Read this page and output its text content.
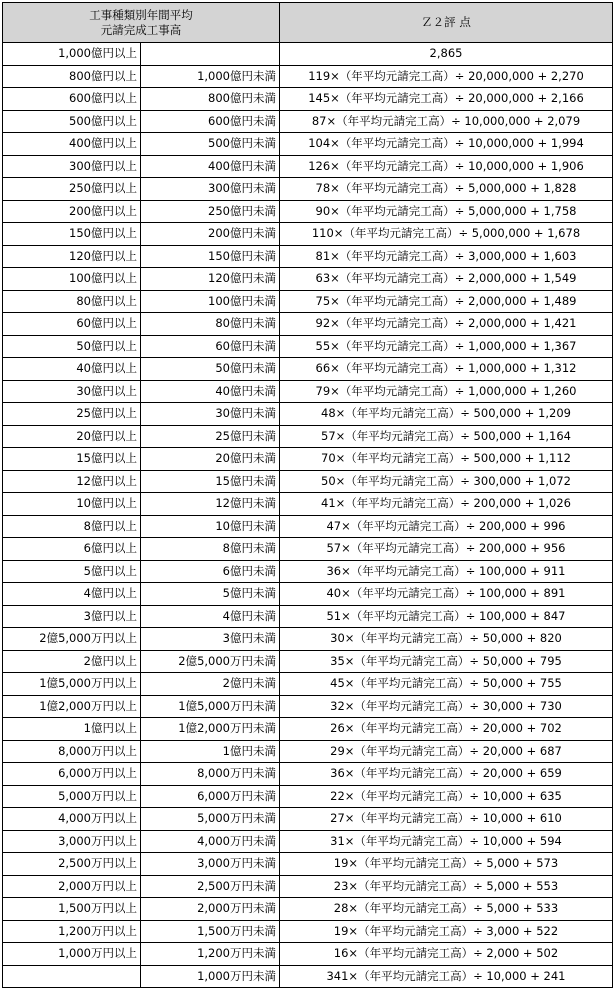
工事種類別年間平均
元請完成工事高		Ｚ２評 点
1,000億円以上		2,865
800億円以上	1,000億円未満	119×（年平均元請完工高）÷ 20,000,000 + 2,270
600億円以上	800億円未満	145×（年平均元請完工高）÷ 20,000,000 + 2,166
500億円以上	600億円未満	87×（年平均元請完工高）÷ 10,000,000 + 2,079
400億円以上	500億円未満	104×（年平均元請完工高）÷ 10,000,000 + 1,994
300億円以上	400億円未満	126×（年平均元請完工高）÷ 10,000,000 + 1,906
250億円以上	300億円未満	78×（年平均元請完工高）÷ 5,000,000 + 1,828
200億円以上	250億円未満	90×（年平均元請完工高）÷ 5,000,000 + 1,758
150億円以上	200億円未満	110×（年平均元請完工高）÷ 5,000,000 + 1,678
120億円以上	150億円未満	81×（年平均元請完工高）÷ 3,000,000 + 1,603
100億円以上	120億円未満	63×（年平均元請完工高）÷ 2,000,000 + 1,549
80億円以上	100億円未満	75×（年平均元請完工高）÷ 2,000,000 + 1,489
60億円以上	80億円未満	92×（年平均元請完工高）÷ 2,000,000 + 1,421
50億円以上	60億円未満	55×（年平均元請完工高）÷ 1,000,000 + 1,367
40億円以上	50億円未満	66×（年平均元請完工高）÷ 1,000,000 + 1,312
30億円以上	40億円未満	79×（年平均元請完工高）÷ 1,000,000 + 1,260
25億円以上	30億円未満	48×（年平均元請完工高）÷ 500,000 + 1,209
20億円以上	25億円未満	57×（年平均元請完工高）÷ 500,000 + 1,164
15億円以上	20億円未満	70×（年平均元請完工高）÷ 500,000 + 1,112
12億円以上	15億円未満	50×（年平均元請完工高）÷ 300,000 + 1,072
10億円以上	12億円未満	41×（年平均元請完工高）÷ 200,000 + 1,026
8億円以上	10億円未満	47×（年平均元請完工高）÷ 200,000 + 996
6億円以上	8億円未満	57×（年平均元請完工高）÷ 200,000 + 956
5億円以上	6億円未満	36×（年平均元請完工高）÷ 100,000 + 911
4億円以上	5億円未満	40×（年平均元請完工高）÷ 100,000 + 891
3億円以上	4億円未満	51×（年平均元請完工高）÷ 100,000 + 847
2億5,000万円以上	3億円未満	30×（年平均元請完工高）÷ 50,000 + 820
2億円以上	2億5,000万円未満	35×（年平均元請完工高）÷ 50,000 + 795
1億5,000万円以上	2億円未満	45×（年平均元請完工高）÷ 50,000 + 755
1億2,000万円以上	1億5,000万円未満	32×（年平均元請完工高）÷ 30,000 + 730
1億円以上	1億2,000万円未満	26×（年平均元請完工高）÷ 20,000 + 702
8,000万円以上	1億円未満	29×（年平均元請完工高）÷ 20,000 + 687
6,000万円以上	8,000万円未満	36×（年平均元請完工高）÷ 20,000 + 659
5,000万円以上	6,000万円未満	22×（年平均元請完工高）÷ 10,000 + 635
4,000万円以上	5,000万円未満	27×（年平均元請完工高）÷ 10,000 + 610
3,000万円以上	4,000万円未満	31×（年平均元請完工高）÷ 10,000 + 594
2,500万円以上	3,000万円未満	19×（年平均元請完工高）÷ 5,000 + 573
2,000万円以上	2,500万円未満	23×（年平均元請完工高）÷ 5,000 + 553
1,500万円以上	2,000万円未満	28×（年平均元請完工高）÷ 5,000 + 533
1,200万円以上	1,500万円未満	19×（年平均元請完工高）÷ 3,000 + 522
1,000万円以上	1,200万円未満	16×（年平均元請完工高）÷ 2,000 + 502
	1,000万円未満	341×（年平均元請完工高）÷ 10,000 + 241
